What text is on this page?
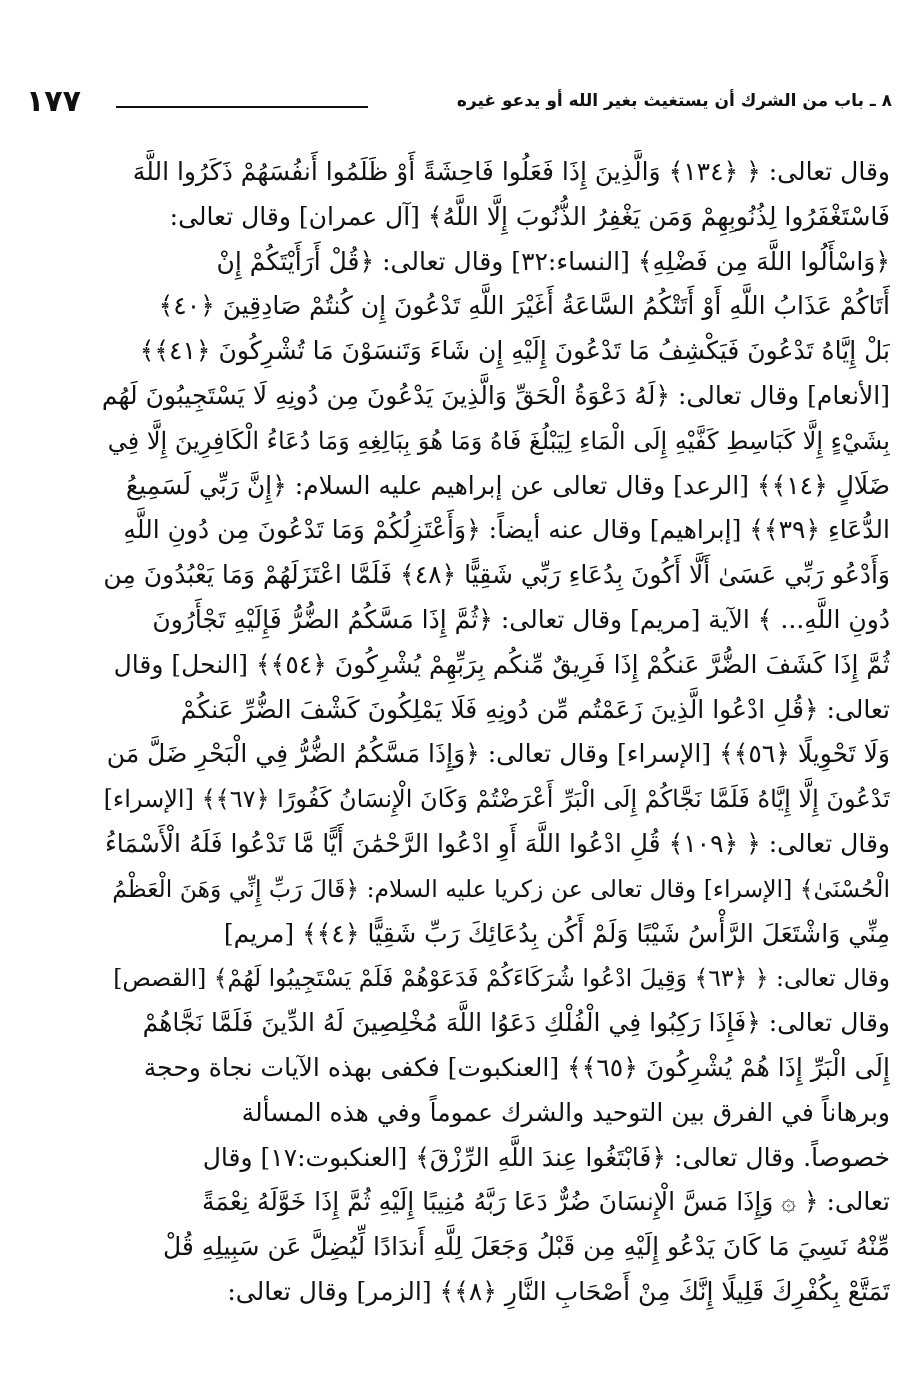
١٧٧	٨ ـ باب من الشرك أن يستغيث بغير الله أو يدعو غيره

وقال تعالى: ﴿ ﴿١٣٤﴾ وَالَّذِينَ إِذَا فَعَلُوا فَاحِشَةً أَوْ ظَلَمُوا أَنفُسَهُمْ ذَكَرُوا اللَّهَ
فَاسْتَغْفَرُوا لِذُنُوبِهِمْ وَمَن يَغْفِرُ الذُّنُوبَ إِلَّا اللَّهُ﴾ [آل عمران] وقال تعالى:
﴿وَاسْأَلُوا اللَّهَ مِن فَضْلِهِ﴾ [النساء:٣٢] وقال تعالى: ﴿قُلْ أَرَأَيْتَكُمْ إِنْ
أَتَاكُمْ عَذَابُ اللَّهِ أَوْ أَتَتْكُمُ السَّاعَةُ أَغَيْرَ اللَّهِ تَدْعُونَ إِن كُنتُمْ صَادِقِينَ ﴿٤٠﴾
بَلْ إِيَّاهُ تَدْعُونَ فَيَكْشِفُ مَا تَدْعُونَ إِلَيْهِ إِن شَاءَ وَتَنسَوْنَ مَا تُشْرِكُونَ ﴿٤١﴾﴾
[الأنعام] وقال تعالى: ﴿لَهُ دَعْوَةُ الْحَقِّ وَالَّذِينَ يَدْعُونَ مِن دُونِهِ لَا يَسْتَجِيبُونَ لَهُم
بِشَيْءٍ إِلَّا كَبَاسِطِ كَفَّيْهِ إِلَى الْمَاءِ لِيَبْلُغَ فَاهُ وَمَا هُوَ بِبَالِغِهِ وَمَا دُعَاءُ الْكَافِرِينَ إِلَّا فِي
ضَلَالٍ ﴿١٤﴾﴾ [الرعد] وقال تعالى عن إبراهيم عليه السلام: ﴿إِنَّ رَبِّي لَسَمِيعُ
الدُّعَاءِ ﴿٣٩﴾﴾ [إبراهيم] وقال عنه أيضاً: ﴿وَأَعْتَزِلُكُمْ وَمَا تَدْعُونَ مِن دُونِ اللَّهِ
وَأَدْعُو رَبِّي عَسَىٰ أَلَّا أَكُونَ بِدُعَاءِ رَبِّي شَقِيًّا ﴿٤٨﴾ فَلَمَّا اعْتَزَلَهُمْ وَمَا يَعْبُدُونَ مِن
دُونِ اللَّهِ... ﴾ الآية [مريم] وقال تعالى: ﴿ثُمَّ إِذَا مَسَّكُمُ الضُّرُّ فَإِلَيْهِ تَجْأَرُونَ
ثُمَّ إِذَا كَشَفَ الضُّرَّ عَنكُمْ إِذَا فَرِيقٌ مِّنكُم بِرَبِّهِمْ يُشْرِكُونَ ﴿٥٤﴾﴾ [النحل] وقال
تعالى: ﴿قُلِ ادْعُوا الَّذِينَ زَعَمْتُم مِّن دُونِهِ فَلَا يَمْلِكُونَ كَشْفَ الضُّرِّ عَنكُمْ
وَلَا تَحْوِيلًا ﴿٥٦﴾﴾ [الإسراء] وقال تعالى: ﴿وَإِذَا مَسَّكُمُ الضُّرُّ فِي الْبَحْرِ ضَلَّ مَن
تَدْعُونَ إِلَّا إِيَّاهُ فَلَمَّا نَجَّاكُمْ إِلَى الْبَرِّ أَعْرَضْتُمْ وَكَانَ الْإِنسَانُ كَفُورًا ﴿٦٧﴾﴾ [الإسراء]
وقال تعالى: ﴿ ﴿١٠٩﴾ قُلِ ادْعُوا اللَّهَ أَوِ ادْعُوا الرَّحْمَٰنَ أَيًّا مَّا تَدْعُوا فَلَهُ الْأَسْمَاءُ
الْحُسْنَىٰ﴾ [الإسراء] وقال تعالى عن زكريا عليه السلام: ﴿قَالَ رَبِّ إِنِّي وَهَنَ الْعَظْمُ
مِنِّي وَاشْتَعَلَ الرَّأْسُ شَيْبًا وَلَمْ أَكُن بِدُعَائِكَ رَبِّ شَقِيًّا ﴿٤﴾﴾ [مريم]
وقال تعالى: ﴿ ﴿٦٣﴾ وَقِيلَ ادْعُوا شُرَكَاءَكُمْ فَدَعَوْهُمْ فَلَمْ يَسْتَجِيبُوا لَهُمْ﴾ [القصص]
وقال تعالى: ﴿فَإِذَا رَكِبُوا فِي الْفُلْكِ دَعَوُا اللَّهَ مُخْلِصِينَ لَهُ الدِّينَ فَلَمَّا نَجَّاهُمْ
إِلَى الْبَرِّ إِذَا هُمْ يُشْرِكُونَ ﴿٦٥﴾﴾ [العنكبوت] فكفى بهذه الآيات نجاة وحجة
وبرهاناً في الفرق بين التوحيد والشرك عموماً وفي هذه المسألة
خصوصاً. وقال تعالى: ﴿فَابْتَغُوا عِندَ اللَّهِ الرِّزْقَ﴾ [العنكبوت:١٧] وقال
تعالى: ﴿ ۞ وَإِذَا مَسَّ الْإِنسَانَ ضُرٌّ دَعَا رَبَّهُ مُنِيبًا إِلَيْهِ ثُمَّ إِذَا خَوَّلَهُ نِعْمَةً
مِّنْهُ نَسِيَ مَا كَانَ يَدْعُو إِلَيْهِ مِن قَبْلُ وَجَعَلَ لِلَّهِ أَندَادًا لِّيُضِلَّ عَن سَبِيلِهِ قُلْ
تَمَتَّعْ بِكُفْرِكَ قَلِيلًا إِنَّكَ مِنْ أَصْحَابِ النَّارِ ﴿٨﴾﴾ [الزمر] وقال تعالى:
